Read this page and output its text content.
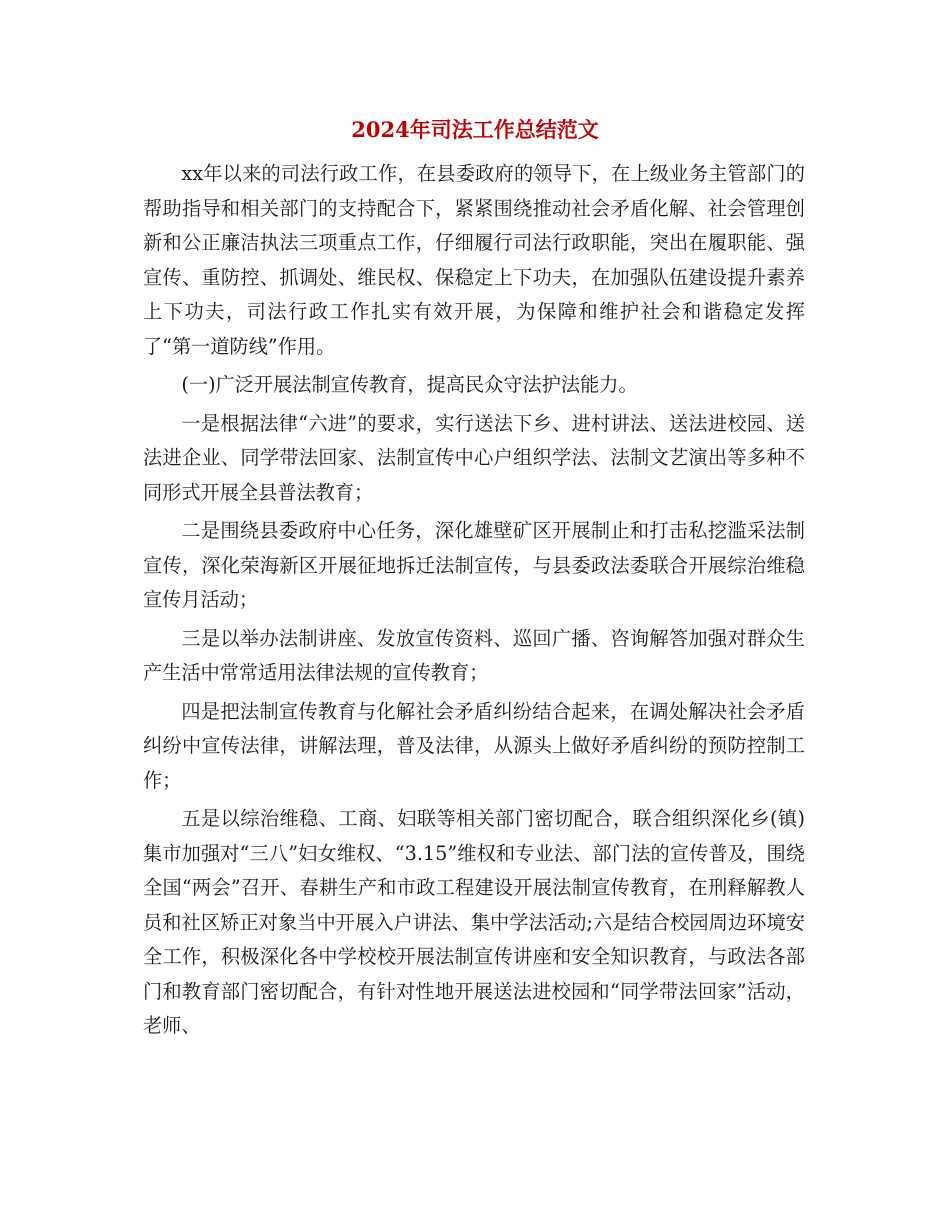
2024年司法工作总结范文

xx年以来的司法行政工作，在县委政府的领导下，在上级业务主管部门的帮助指导和相关部门的支持配合下，紧紧围绕推动社会矛盾化解、社会管理创新和公正廉洁执法三项重点工作，仔细履行司法行政职能，突出在履职能、强宣传、重防控、抓调处、维民权、保稳定上下功夫，在加强队伍建设提升素养上下功夫，司法行政工作扎实有效开展，为保障和维护社会和谐稳定发挥了“第一道防线”作用。

(一)广泛开展法制宣传教育，提高民众守法护法能力。

一是根据法律“六进”的要求，实行送法下乡、进村讲法、送法进校园、送法进企业、同学带法回家、法制宣传中心户组织学法、法制文艺演出等多种不同形式开展全县普法教育；

二是围绕县委政府中心任务，深化雄壁矿区开展制止和打击私挖滥采法制宣传，深化荣海新区开展征地拆迁法制宣传，与县委政法委联合开展综治维稳宣传月活动；

三是以举办法制讲座、发放宣传资料、巡回广播、咨询解答加强对群众生产生活中常常适用法律法规的宣传教育；

四是把法制宣传教育与化解社会矛盾纠纷结合起来，在调处解决社会矛盾纠纷中宣传法律，讲解法理，普及法律，从源头上做好矛盾纠纷的预防控制工作；

五是以综治维稳、工商、妇联等相关部门密切配合，联合组织深化乡(镇)集市加强对“三八”妇女维权、“3.15”维权和专业法、部门法的宣传普及，围绕全国“两会”召开、春耕生产和市政工程建设开展法制宣传教育，在刑释解教人员和社区矫正对象当中开展入户讲法、集中学法活动;六是结合校园周边环境安全工作，积极深化各中学校校开展法制宣传讲座和安全知识教育，与政法各部门和教育部门密切配合，有针对性地开展送法进校园和“同学带法回家”活动，老师、
